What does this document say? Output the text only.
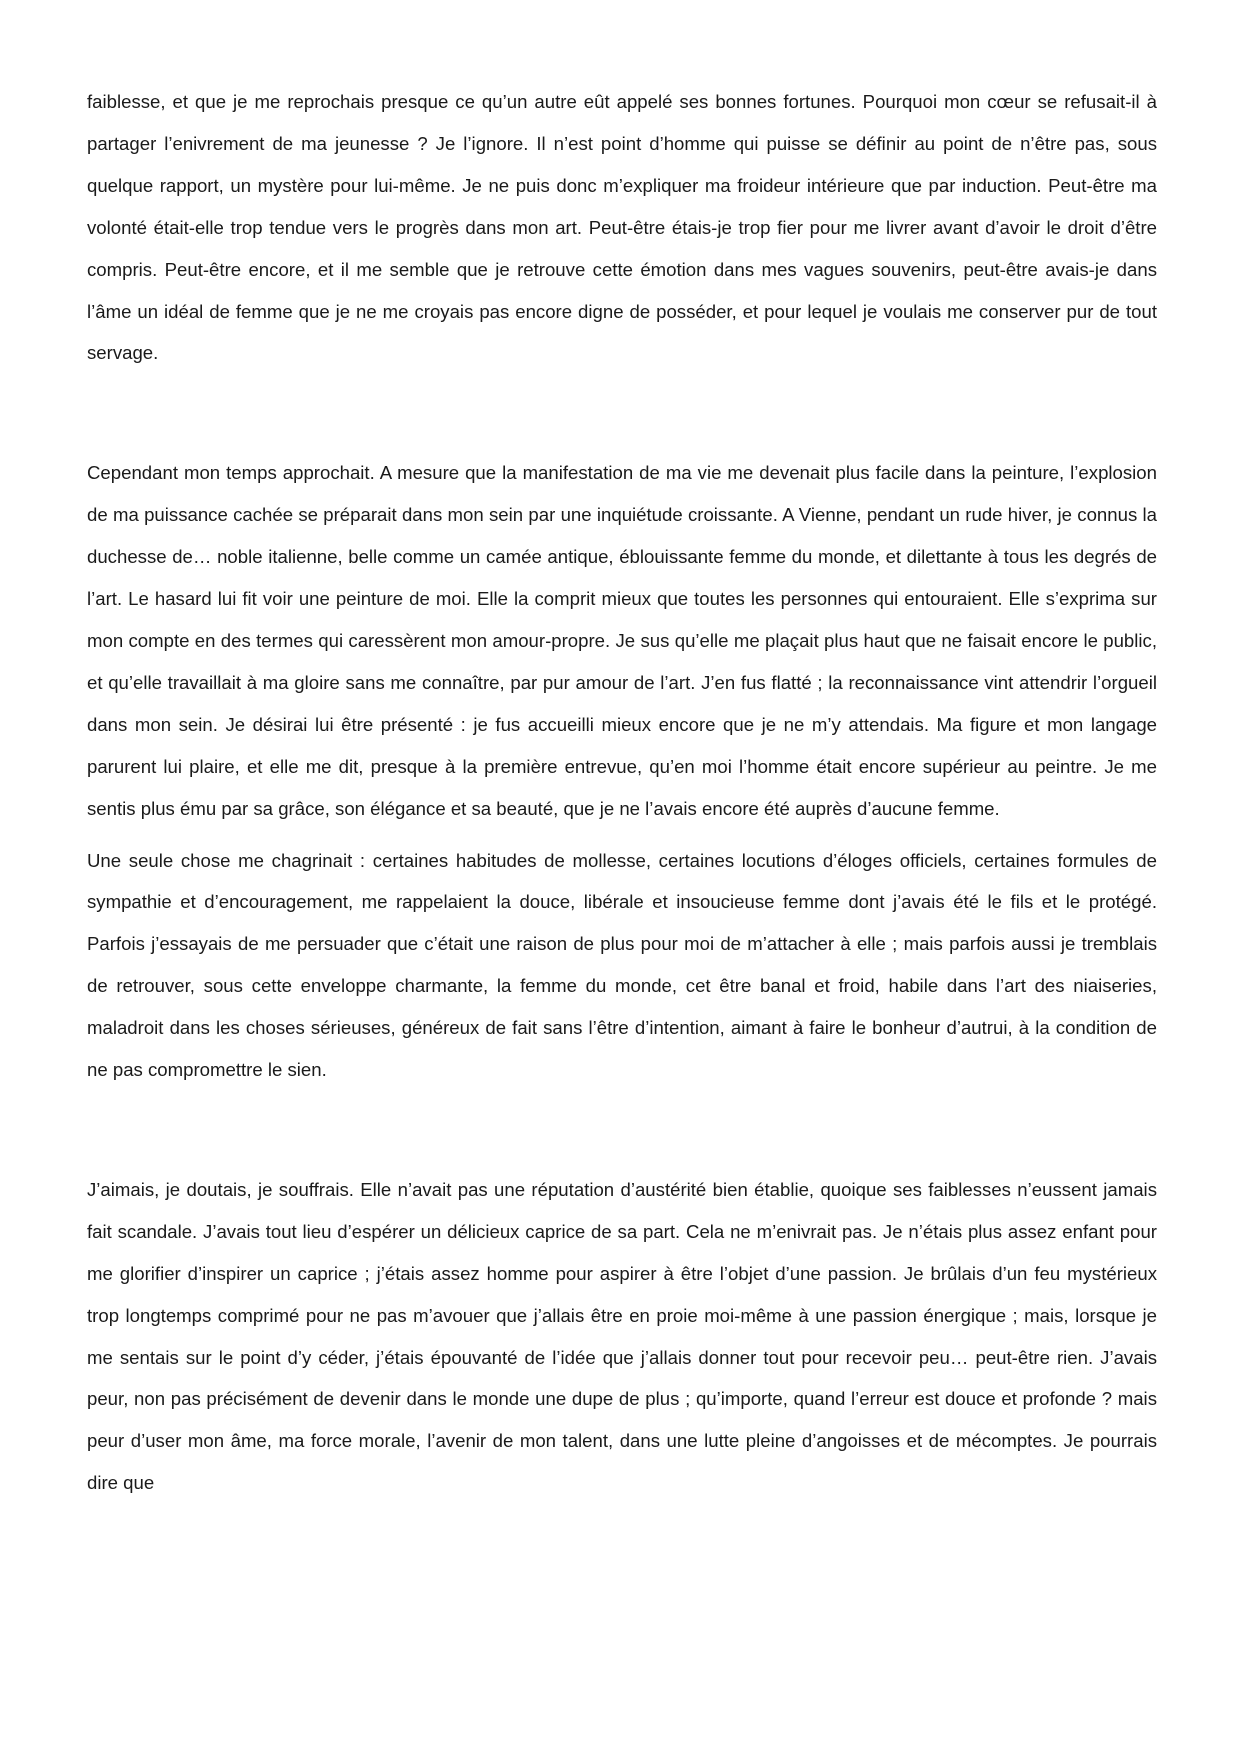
faiblesse, et que je me reprochais presque ce qu’un autre eût appelé ses bonnes fortunes. Pourquoi mon cœur se refusait-il à partager l’enivrement de ma jeunesse ? Je l’ignore. Il n’est point d’homme qui puisse se définir au point de n’être pas, sous quelque rapport, un mystère pour lui-même. Je ne puis donc m’expliquer ma froideur intérieure que par induction. Peut-être ma volonté était-elle trop tendue vers le progrès dans mon art. Peut-être étais-je trop fier pour me livrer avant d’avoir le droit d’être compris. Peut-être encore, et il me semble que je retrouve cette émotion dans mes vagues souvenirs, peut-être avais-je dans l’âme un idéal de femme que je ne me croyais pas encore digne de posséder, et pour lequel je voulais me conserver pur de tout servage.

Cependant mon temps approchait. A mesure que la manifestation de ma vie me devenait plus facile dans la peinture, l’explosion de ma puissance cachée se préparait dans mon sein par une inquiétude croissante. A Vienne, pendant un rude hiver, je connus la duchesse de… noble italienne, belle comme un camée antique, éblouissante femme du monde, et dilettante à tous les degrés de l’art. Le hasard lui fit voir une peinture de moi. Elle la comprit mieux que toutes les personnes qui entouraient. Elle s’exprima sur mon compte en des termes qui caressèrent mon amour-propre. Je sus qu’elle me plaçait plus haut que ne faisait encore le public, et qu’elle travaillait à ma gloire sans me connaître, par pur amour de l’art. J’en fus flatté ; la reconnaissance vint attendrir l’orgueil dans mon sein. Je désirai lui être présenté : je fus accueilli mieux encore que je ne m’y attendais. Ma figure et mon langage parurent lui plaire, et elle me dit, presque à la première entrevue, qu’en moi l’homme était encore supérieur au peintre. Je me sentis plus ému par sa grâce, son élégance et sa beauté, que je ne l’avais encore été auprès d’aucune femme.

Une seule chose me chagrinait : certaines habitudes de mollesse, certaines locutions d’éloges officiels, certaines formules de sympathie et d’encouragement, me rappelaient la douce, libérale et insoucieuse femme dont j’avais été le fils et le protégé. Parfois j’essayais de me persuader que c’était une raison de plus pour moi de m’attacher à elle ; mais parfois aussi je tremblais de retrouver, sous cette enveloppe charmante, la femme du monde, cet être banal et froid, habile dans l’art des niaiseries, maladroit dans les choses sérieuses, généreux de fait sans l’être d’intention, aimant à faire le bonheur d’autrui, à la condition de ne pas compromettre le sien.

J’aimais, je doutais, je souffrais. Elle n’avait pas une réputation d’austérité bien établie, quoique ses faiblesses n’eussent jamais fait scandale. J’avais tout lieu d’espérer un délicieux caprice de sa part. Cela ne m’enivrait pas. Je n’étais plus assez enfant pour me glorifier d’inspirer un caprice ; j’étais assez homme pour aspirer à être l’objet d’une passion. Je brûlais d’un feu mystérieux trop longtemps comprimé pour ne pas m’avouer que j’allais être en proie moi-même à une passion énergique ; mais, lorsque je me sentais sur le point d’y céder, j’étais épouvanté de l’idée que j’allais donner tout pour recevoir peu… peut-être rien. J’avais peur, non pas précisément de devenir dans le monde une dupe de plus ; qu’importe, quand l’erreur est douce et profonde ? mais peur d’user mon âme, ma force morale, l’avenir de mon talent, dans une lutte pleine d’angoisses et de mécomptes. Je pourrais dire que
